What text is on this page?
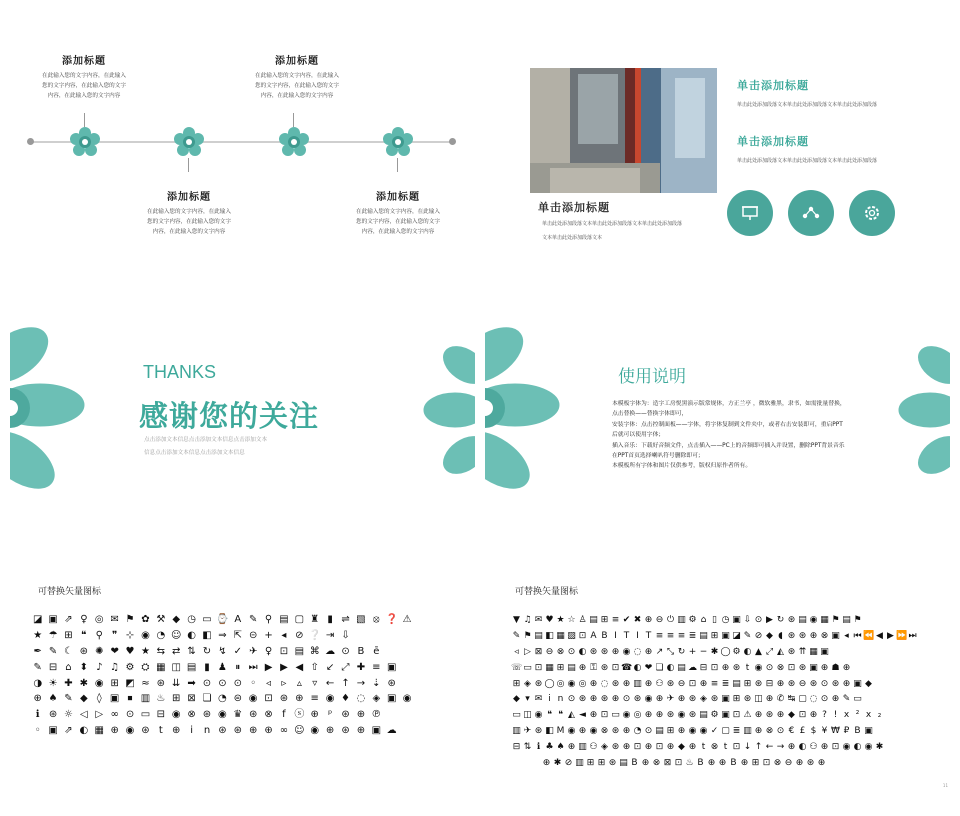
添加标题
在此输入您的文字内容，在此输入
您的文字内容，在此输入您的文字
内容，在此输入您的文字内容
添加标题
在此输入您的文字内容，在此输入
您的文字内容，在此输入您的文字
内容，在此输入您的文字内容
添加标题
在此输入您的文字内容，在此输入
您的文字内容，在此输入您的文字
内容，在此输入您的文字内容
添加标题
在此输入您的文字内容，在此输入
您的文字内容，在此输入您的文字
内容，在此输入您的文字内容
单击添加标题
单击此处添加段落文本单击此处添加段落文本单击此处添加段落
文本单击此处添加段落文本
单击添加标题
单击此处添加段落文本单击此处添加段落文本单击此处添加段落
单击添加标题
单击此处添加段落文本单击此处添加段落文本单击此处添加段落
THANKS
感谢您的关注
点击添加文本信息点击添加文本信息点击添加文本
信息点击添加文本信息点击添加文本信息
使用说明
本模板字体为：造字工房悦黑演示版常规体，方正兰亭 ，微软雅黑，隶书，如需批量替换，
点击替换——替换字体即可，
安装字体：点击控制面板——字体，将字体复制到文件夹中，或者右击安装即可，重启PPT
后就可以使用字体；
插入音乐：下载好音频文件，点击插入——PC上的音频即可插入并设置，删除PPT背景音乐
在PPT首页选择喇叭符号删除即可；
本模板所有字体和图片仅供参考，版权归原作者所有。
可替换矢量图标
◪ ▣ ⇗ ♀ ◎ ✉ ⚑ ✿ ⚒ ◆ ◷ ▭ ⌚ A ✎ ⚲ ▤ ▢ ♜ ▮ ⇌ ▧ ⦻ ❓ ⚠
★ ☂ ⊞ ❝ ⚲ ❞ ⊹ ◉ ◔ ☺ ◐ ◧ ⇒ ⇱ ⊝ + ◂ ⊘ ❔ ⇥ ⇩
✒ ✎ ☾ ⊛ ✺ ❤ ♥ ★ ⇆ ⇄ ⇅ ↻ ↯ ✓ ✈ ♀ ⊡ ▤ ⌘ ☁ ⊙ B ē
✎ ⊟ ⌂ ⬍ ♪ ♫ ⚙ ⛭ ▦ ◫ ▤ ▮ ♟ ⏸ ⏭ ▶ ▶ ◀ ⇧ ↙ ⤢ ✚ ≡ ▣
◑ ☀ ✚ ✱ ◉ ⊞ ◩ ≈ ⊛ ⇊ ➡ ⊙ ⊙ ⊙ ◦ ◃	▹	▵	▿ ← ↑ → ⇣ ⊛
⊕ ♠ ✎ ◆ ◊ ▣ ⏹ ▥ ♨ ⊞ ⊠ ❏ ◔ ⊜ ◉ ⊡ ⊛ ⊕ ≡ ◉ ♦ ◌ ◈ ▣ ◉
ℹ ⊛ ☼ ◁ ▷ ∞ ⊙ ▭ ⊟ ◉ ⊗ ⊛ ◉ ♛ ⊛ ⊗ f ⓢ ⊕ ᵖ ⊛ ⊕ ℗
◦ ▣ ⇗ ◐ ▦ ⊕ ◉ ⊛ t ⊕ i	n ⊛ ⊛ ⊕ ⊕ ∞ ☺ ◉ ⊕ ⊛ ⊕ ▣ ☁
可替换矢量图标
▼ ♫ ✉ ♥ ★ ☆ ♙ ▤ ⊞ ≡ ✔ ✖ ⊕ ⊖ ⏻ ▥ ⚙ ⌂ ▯ ◷ ▣ ⇩ ⊙ ▶ ↻ ⊛ ▤ ◉ ▦ ⚑ ▤ ⚑
✎ ⚑ ▤ ◧ ▦ ▨ ⊡ A B I T I T ≡ ≡ ≡ ≣ ▤ ⊞ ▣ ◪ ✎ ⊘ ◆ ◖ ⊛ ⊛ ⊕ ⊗ ▣ ◂ ⏮ ⏪ ◀ ▶ ⏩ ⏭
◃ ▷ ⊠ ⊖ ⊗ ⊙ ◐ ⊛ ⊛ ⊕ ◉ ◌ ⊕ ↗ ⤡ ↻ + − ✱ ◯ ⚙ ◐ ▲ ⤢ ◭ ⊛ ⇈ ▦ ▣
☏ ▭ ⊡ ▦ ⊞ ▤ ⊕ ⚿ ⊛ ⊡ ☎ ◐ ❤ ❏ ◐ ▤ ☁ ⊟ ⊡ ⊕ ⊛ t ◉ ⊙ ⊗ ⊡ ⊛ ▣ ⊕ ☗ ⊕
⊞ ◈ ⊛ ◯ ◎ ◉ ◎ ⊕ ◌ ⊛ ⊕ ▥ ⊕ ⚇ ⊛ ⊖ ⊡ ⊕ ≡ ≣ ▤ ⊞ ⊛ ⊟ ⊕ ⊛ ⊖ ⊛ ⊙ ⊛ ⊕ ▣ ◆
◆ ▾ ✉ i n ⊙ ⊛ ⊕ ⊛ ⊕ ⊙ ⊛ ◉ ⊕ ✈ ⊕ ⊛ ◈ ⊛ ▣ ⊞ ⊛ ◫ ⊕ ✆ ↹ ▢ ◌ ⊙ ⊕ ✎ ▭
▭ ◫ ◉ ❝ ❝ ◭ ◄ ⊕ ⊡ ▭ ◉ ◎ ⊕ ⊕ ⊛ ◉ ⊛ ▤ ⚙ ▣ ⊡ ⚠ ⊕ ⊛ ⊕ ◆ ⊡ ⊕ ? ! x ² x ₂
▥ ✈ ⊛ ◧ M ◉ ⊕ ◉ ⊗ ⊛ ⊕ ◔ ⊙ ▤ ⊞ ⊕ ◉ ◉ ✓ ▢ ≣ ▥ ⊕ ⊗ ⊙ € £ $ ¥ ₩ ₽ B ▣
⊟ ⇅ ℹ ♣ ♠ ⊕ ▥ ⚇ ◈ ⊛ ⊕ ⊡ ⊕ ⊡ ⊕ ◆ ⊕ t ⊗ t ⊡ ↓ ↑ ← → ⊕ ◐ ⚇ ⊕ ⊡ ◉ ◐ ◉ ✱
⊕ ✱ ⊘ ▥ ⊞ ⊞ ⊛ ▤ B ⊕ ⊗ ⊠ ⊡ ♨ B ⊕ ⊕ B ⊕ ⊞ ⊡ ⊗ ⊖ ⊕ ⊛ ⊕
11
